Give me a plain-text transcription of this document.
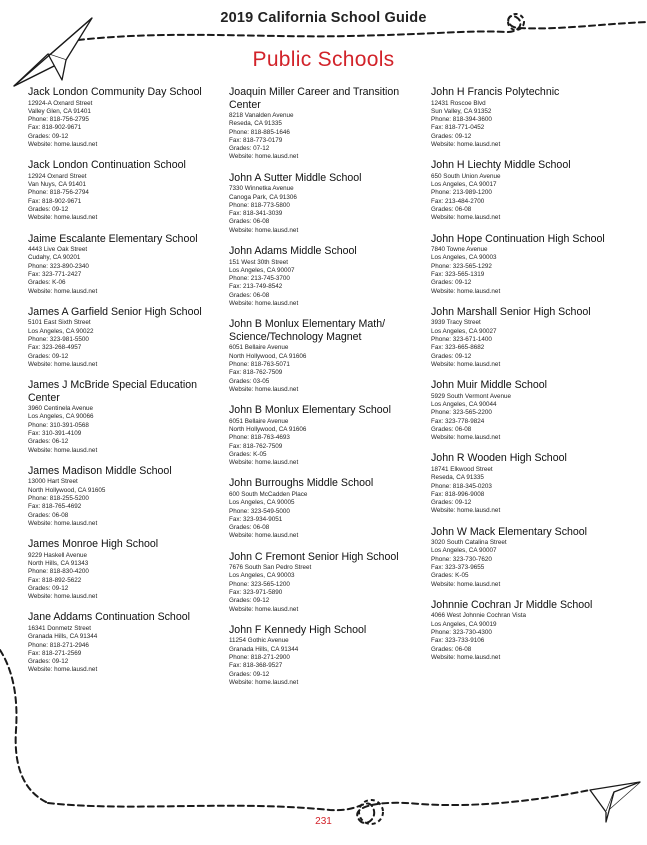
2019 California School Guide
Public Schools
Jack London Community Day School
12924-A Oxnard Street
Valley Glen, CA 91401
Phone: 818-756-2795
Fax: 818-902-9671
Grades: 09-12
Website: home.lausd.net
Jack London Continuation School
12924 Oxnard Street
Van Nuys, CA 91401
Phone: 818-756-2794
Fax: 818-902-9671
Grades: 09-12
Website: home.lausd.net
Jaime Escalante Elementary School
4443 Live Oak Street
Cudahy, CA 90201
Phone: 323-890-2340
Fax: 323-771-2427
Grades: K-06
Website: home.lausd.net
James A Garfield Senior High School
5101 East Sixth Street
Los Angeles, CA 90022
Phone: 323-981-5500
Fax: 323-268-4957
Grades: 09-12
Website: home.lausd.net
James J McBride Special Education Center
3960 Centinela Avenue
Los Angeles, CA 90066
Phone: 310-391-0568
Fax: 310-391-4109
Grades: 06-12
Website: home.lausd.net
James Madison Middle School
13000 Hart Street
North Hollywood, CA 91605
Phone: 818-255-5200
Fax: 818-765-4692
Grades: 06-08
Website: home.lausd.net
James Monroe High School
9229 Haskell Avenue
North Hills, CA 91343
Phone: 818-830-4200
Fax: 818-892-5622
Grades: 09-12
Website: home.lausd.net
Jane Addams Continuation School
16341 Donmetz Street
Granada Hills, CA 91344
Phone: 818-271-2946
Fax: 818-271-2569
Grades: 09-12
Website: home.lausd.net
Joaquin Miller Career and Transition Center
8218 Vanalden Avenue
Reseda, CA 91335
Phone: 818-885-1646
Fax: 818-773-0179
Grades: 07-12
Website: home.lausd.net
John A Sutter Middle School
7330 Winnetka Avenue
Canoga Park, CA 91306
Phone: 818-773-5800
Fax: 818-341-3039
Grades: 06-08
Website: home.lausd.net
John Adams Middle School
151 West 30th Street
Los Angeles, CA 90007
Phone: 213-745-3700
Fax: 213-749-8542
Grades: 06-08
Website: home.lausd.net
John B Monlux Elementary Math/ Science/Technology Magnet
6051 Bellaire Avenue
North Hollywood, CA 91606
Phone: 818-763-5071
Fax: 818-762-7509
Grades: 03-05
Website: home.lausd.net
John B Monlux Elementary School
6051 Bellaire Avenue
North Hollywood, CA 91606
Phone: 818-763-4693
Fax: 818-762-7509
Grades: K-05
Website: home.lausd.net
John Burroughs Middle School
600 South McCadden Place
Los Angeles, CA 90005
Phone: 323-549-5000
Fax: 323-934-9051
Grades: 06-08
Website: home.lausd.net
John C Fremont Senior High School
7676 South San Pedro Street
Los Angeles, CA 90003
Phone: 323-565-1200
Fax: 323-971-5890
Grades: 09-12
Website: home.lausd.net
John F Kennedy High School
11254 Gothic Avenue
Granada Hills, CA 91344
Phone: 818-271-2900
Fax: 818-368-9527
Grades: 09-12
Website: home.lausd.net
John H Francis Polytechnic
12431 Roscoe Blvd
Sun Valley, CA 91352
Phone: 818-394-3600
Fax: 818-771-0452
Grades: 09-12
Website: home.lausd.net
John H Liechty Middle School
650 South Union Avenue
Los Angeles, CA 90017
Phone: 213-989-1200
Fax: 213-484-2700
Grades: 06-08
Website: home.lausd.net
John Hope Continuation High School
7840 Towne Avenue
Los Angeles, CA 90003
Phone: 323-565-1292
Fax: 323-565-1319
Grades: 09-12
Website: home.lausd.net
John Marshall Senior High School
3939 Tracy Street
Los Angeles, CA 90027
Phone: 323-671-1400
Fax: 323-665-8682
Grades: 09-12
Website: home.lausd.net
John Muir Middle School
5929 South Vermont Avenue
Los Angeles, CA 90044
Phone: 323-565-2200
Fax: 323-778-9824
Grades: 06-08
Website: home.lausd.net
John R Wooden High School
18741 Elkwood Street
Reseda, CA 91335
Phone: 818-345-0203
Fax: 818-996-9008
Grades: 09-12
Website: home.lausd.net
John W Mack Elementary School
3020 South Catalina Street
Los Angeles, CA 90007
Phone: 323-730-7620
Fax: 323-373-9655
Grades: K-05
Website: home.lausd.net
Johnnie Cochran Jr Middle School
4066 West Johnnie Cochran Vista
Los Angeles, CA 90019
Phone: 323-730-4300
Fax: 323-733-9106
Grades: 06-08
Website: home.lausd.net
231
